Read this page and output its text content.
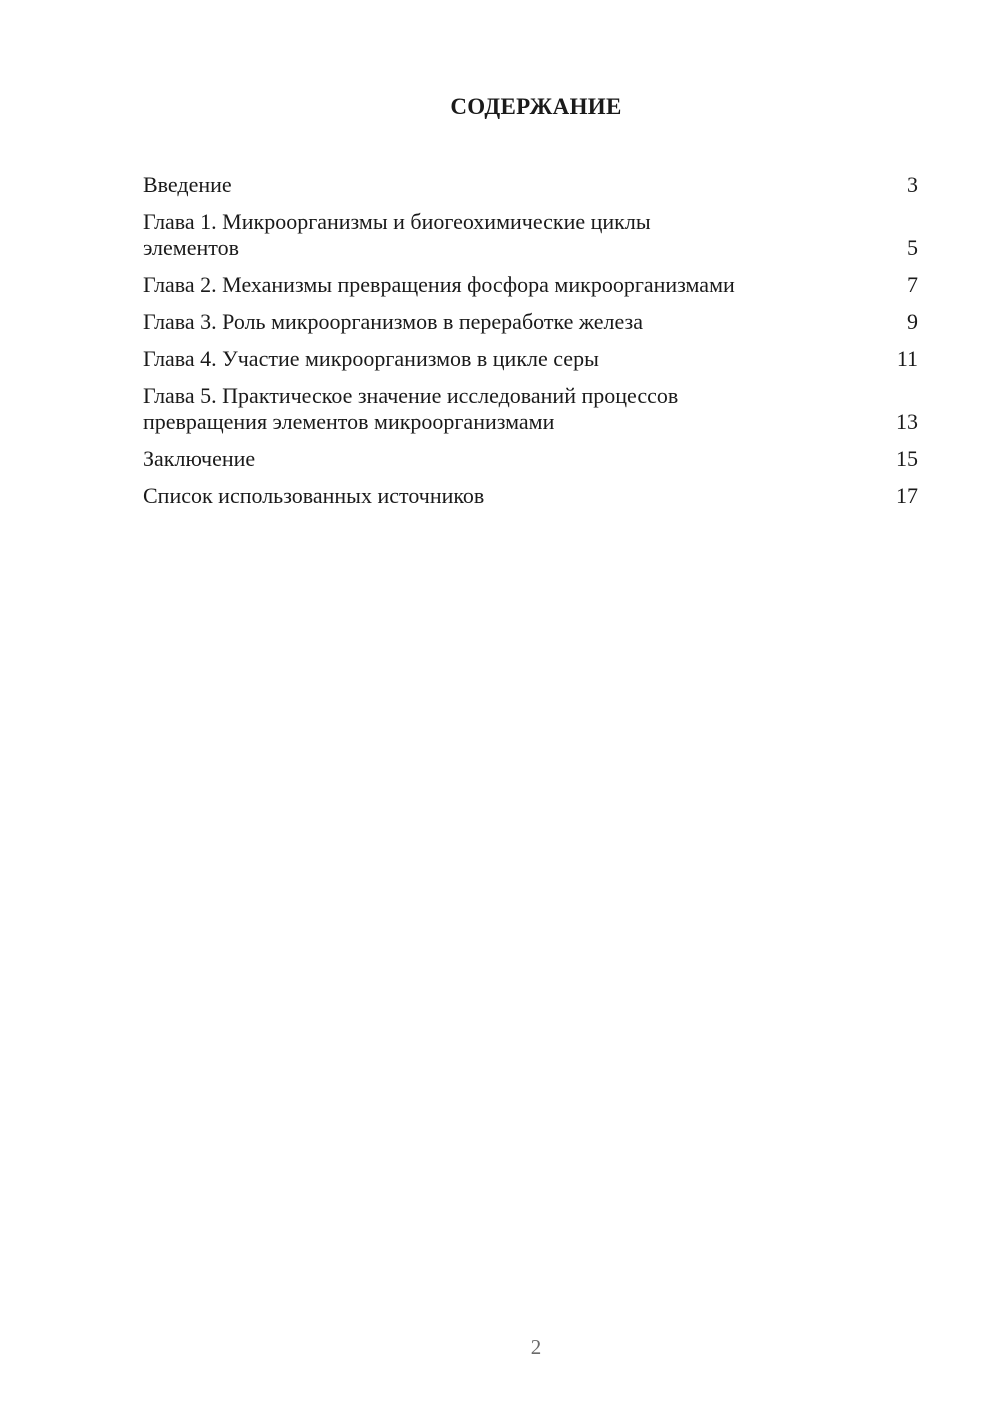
СОДЕРЖАНИЕ
Введение	3
Глава 1. Микроорганизмы и биогеохимические циклы элементов	5
Глава 2. Механизмы превращения фосфора микроорганизмами	7
Глава 3. Роль микроорганизмов в переработке железа	9
Глава 4. Участие микроорганизмов в цикле серы	11
Глава 5. Практическое значение исследований процессов превращения элементов микроорганизмами	13
Заключение	15
Список использованных источников	17
2
